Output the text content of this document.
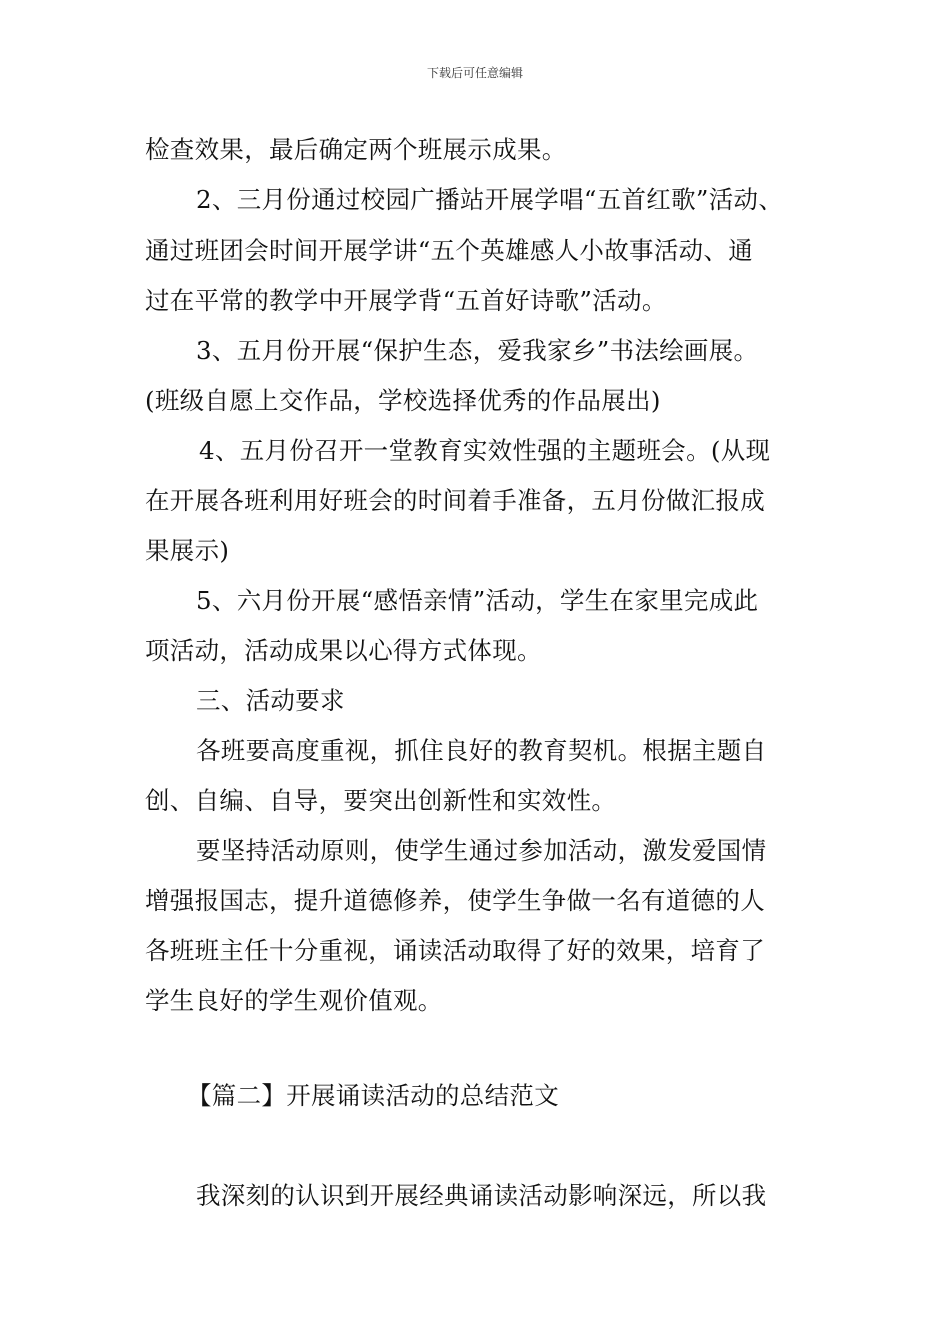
下载后可任意编辑
检查效果，最后确定两个班展示成果。
2、三月份通过校园广播站开展学唱“五首红歌”活动、
通过班团会时间开展学讲“五个英雄感人小故事活动、通
过在平常的教学中开展学背“五首好诗歌”活动。
3、五月份开展“保护生态，爱我家乡”书法绘画展。
(班级自愿上交作品，学校选择优秀的作品展出)
4、五月份召开一堂教育实效性强的主题班会。(从现
在开展各班利用好班会的时间着手准备，五月份做汇报成
果展示)
5、六月份开展“感悟亲情”活动，学生在家里完成此
项活动，活动成果以心得方式体现。
三、活动要求
各班要高度重视，抓住良好的教育契机。根据主题自
创、自编、自导，要突出创新性和实效性。
要坚持活动原则，使学生通过参加活动，激发爱国情
增强报国志，提升道德修养，使学生争做一名有道德的人
各班班主任十分重视，诵读活动取得了好的效果，培育了
学生良好的学生观价值观。
【篇二】开展诵读活动的总结范文
我深刻的认识到开展经典诵读活动影响深远，所以我
